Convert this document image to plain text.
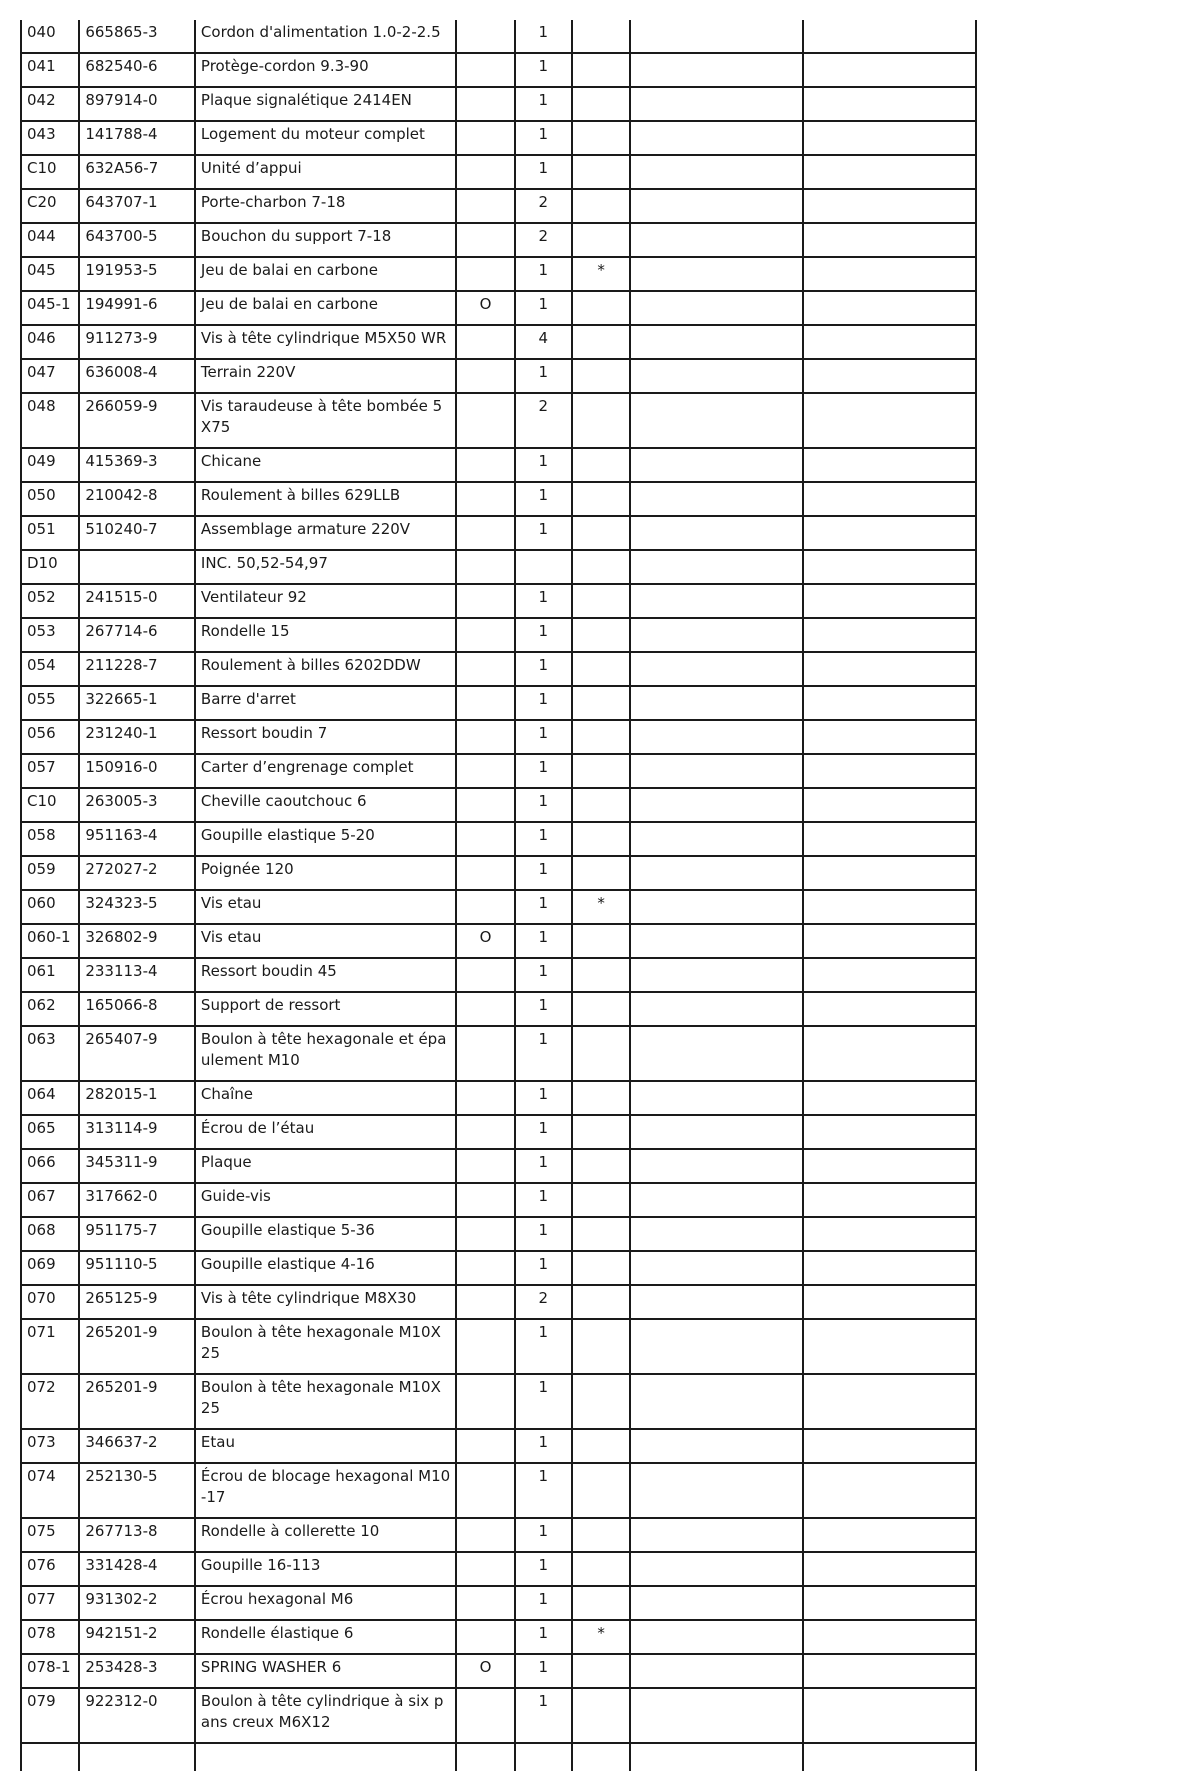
040	665865-3	Cordon d'alimentation 1.0-2-2.5		1			
041	682540-6	Protège-cordon 9.3-90		1			
042	897914-0	Plaque signalétique 2414EN		1			
043	141788-4	Logement du moteur complet		1			
C10	632A56-7	Unité d’appui		1			
C20	643707-1	Porte-charbon 7-18		2			
044	643700-5	Bouchon du support 7-18		2			
045	191953-5	Jeu de balai en carbone		1	*		
045-1	194991-6	Jeu de balai en carbone	O	1			
046	911273-9	Vis à tête cylindrique M5X50 WR		4			
047	636008-4	Terrain 220V		1			
048	266059-9	Vis taraudeuse à tête bombée 5X75		2			
049	415369-3	Chicane		1			
050	210042-8	Roulement à billes 629LLB		1			
051	510240-7	Assemblage armature 220V		1			
D10		INC. 50,52-54,97					
052	241515-0	Ventilateur 92		1			
053	267714-6	Rondelle 15		1			
054	211228-7	Roulement à billes 6202DDW		1			
055	322665-1	Barre d'arret		1			
056	231240-1	Ressort boudin 7		1			
057	150916-0	Carter d’engrenage complet		1			
C10	263005-3	Cheville caoutchouc 6		1			
058	951163-4	Goupille elastique 5-20		1			
059	272027-2	Poignée 120		1			
060	324323-5	Vis etau		1	*		
060-1	326802-9	Vis etau	O	1			
061	233113-4	Ressort boudin 45		1			
062	165066-8	Support de ressort		1			
063	265407-9	Boulon à tête hexagonale et épaulement M10		1			
064	282015-1	Chaîne		1			
065	313114-9	Écrou de l’étau		1			
066	345311-9	Plaque		1			
067	317662-0	Guide-vis		1			
068	951175-7	Goupille elastique 5-36		1			
069	951110-5	Goupille elastique 4-16		1			
070	265125-9	Vis à tête cylindrique M8X30		2			
071	265201-9	Boulon à tête hexagonale M10X25		1			
072	265201-9	Boulon à tête hexagonale M10X25		1			
073	346637-2	Etau		1			
074	252130-5	Écrou de blocage hexagonal M10-17		1			
075	267713-8	Rondelle à collerette 10		1			
076	331428-4	Goupille 16-113		1			
077	931302-2	Écrou hexagonal M6		1			
078	942151-2	Rondelle élastique 6		1	*		
078-1	253428-3	SPRING WASHER 6	O	1			
079	922312-0	Boulon à tête cylindrique à six pans creux M6X12		1			
